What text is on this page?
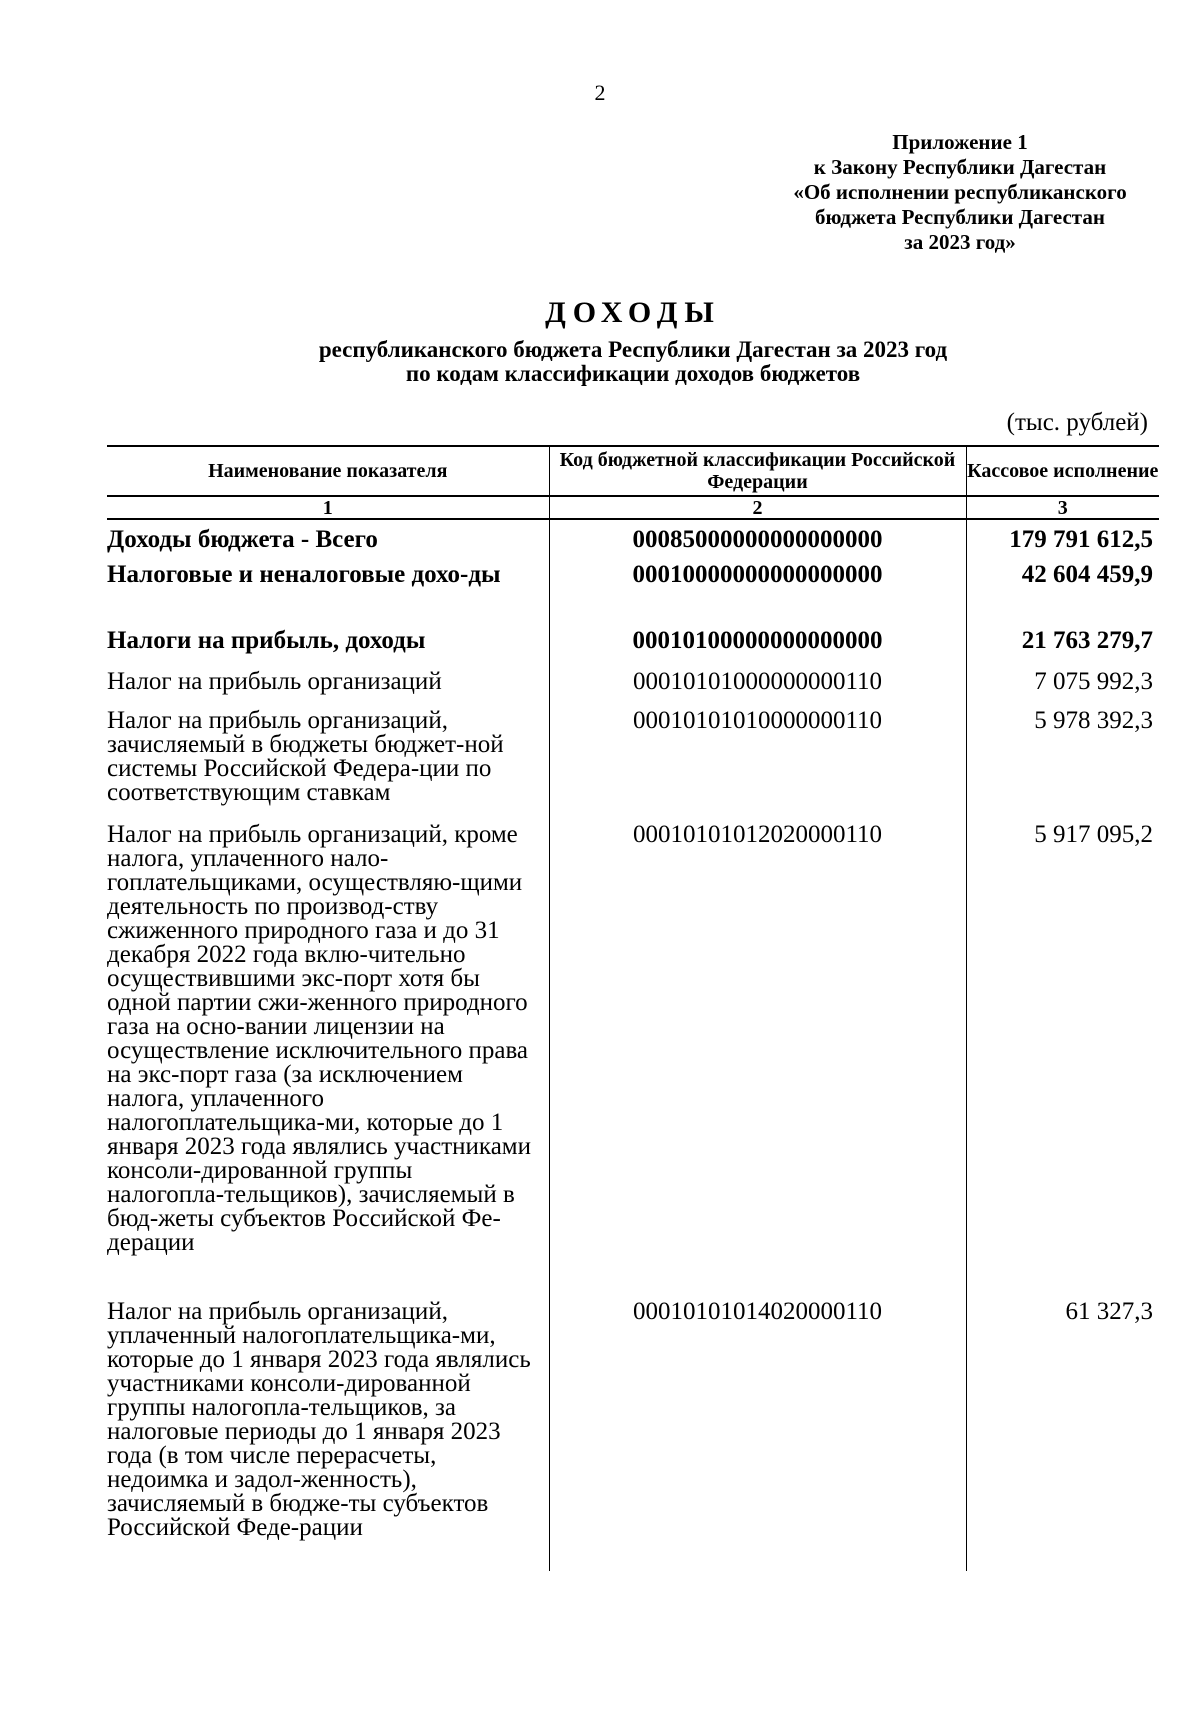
2
Приложение 1
к Закону Республики Дагестан
«Об исполнении республиканского
бюджета Республики Дагестан
за 2023 год»
ДОХОДЫ
республиканского бюджета Республики Дагестан за 2023 год
по кодам классификации доходов бюджетов
(тыс. рублей)
Наименование показателя	Код бюджетной классификации Российской Федерации	Кассовое исполнение
1	2	3
Доходы бюджета - Всего	00085000000000000000	179 791 612,5
Налоговые и неналоговые дохо-ды	00010000000000000000	42 604 459,9
Налоги на прибыль, доходы	00010100000000000000	21 763 279,7
Налог на прибыль организаций	00010101000000000110	7 075 992,3
Налог на прибыль организаций, зачисляемый в бюджеты бюджет-ной системы Российской Федера-ции по соответствующим ставкам	00010101010000000110	5 978 392,3
Налог на прибыль организаций, кроме налога, уплаченного нало-гоплательщиками, осуществляю-щими деятельность по производ-ству сжиженного природного газа и до 31 декабря 2022 года вклю-чительно осуществившими экс-порт хотя бы одной партии сжи-женного природного газа на осно-вании лицензии на осуществление исключительного права на экс-порт газа (за исключением налога, уплаченного налогоплательщика-ми, которые до 1 января 2023 года являлись участниками консоли-дированной группы налогопла-тельщиков), зачисляемый в бюд-жеты субъектов Российской Фе-дерации	00010101012020000110	5 917 095,2
Налог на прибыль организаций, уплаченный налогоплательщика-ми, которые до 1 января 2023 года являлись участниками консоли-дированной группы налогопла-тельщиков, за налоговые периоды до 1 января 2023 года (в том числе перерасчеты, недоимка и задол-женность), зачисляемый в бюдже-ты субъектов Российской Феде-рации	00010101014020000110	61 327,3
